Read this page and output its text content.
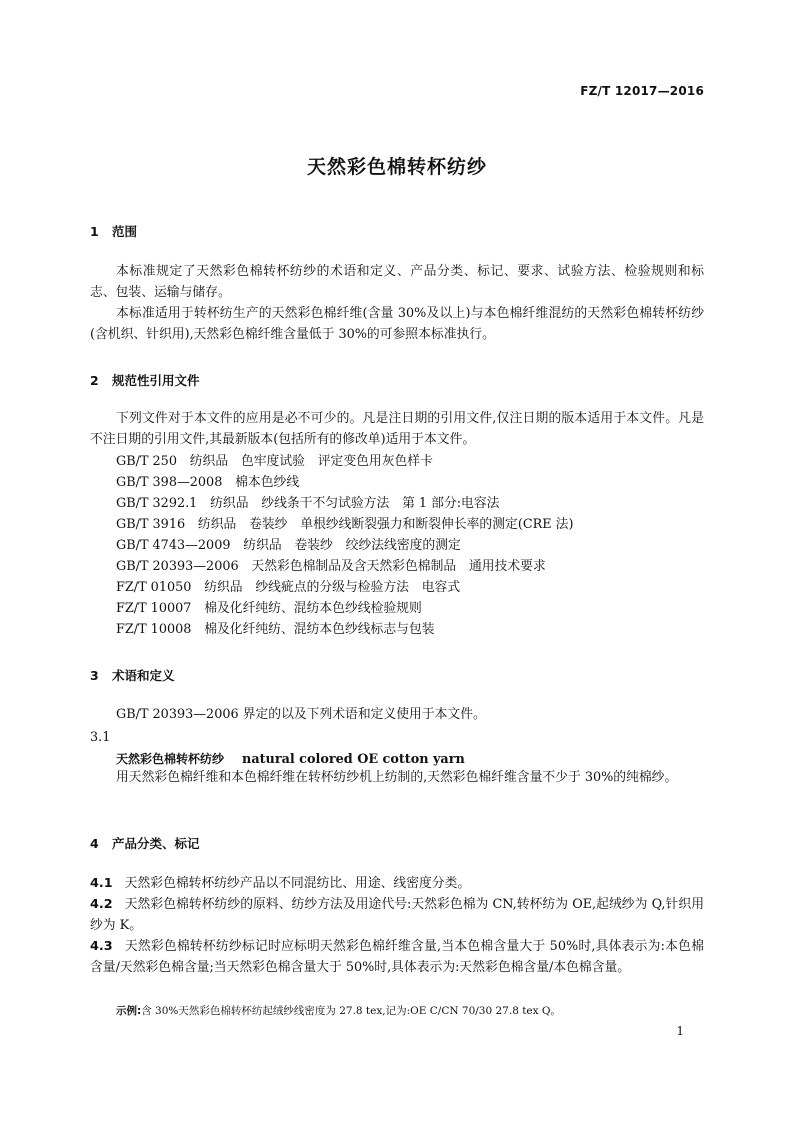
FZ/T 12017—2016
天然彩色棉转杯纺纱
1 范围
本标准规定了天然彩色棉转杯纺纱的术语和定义、产品分类、标记、要求、试验方法、检验规则和标志、包装、运输与储存。
本标准适用于转杯纺生产的天然彩色棉纤维(含量 30%及以上)与本色棉纤维混纺的天然彩色棉转杯纺纱(含机织、针织用),天然彩色棉纤维含量低于 30%的可参照本标准执行。
2 规范性引用文件
下列文件对于本文件的应用是必不可少的。凡是注日期的引用文件,仅注日期的版本适用于本文件。凡是不注日期的引用文件,其最新版本(包括所有的修改单)适用于本文件。
GB/T 250　纺织品　色牢度试验　评定变色用灰色样卡
GB/T 398—2008　棉本色纱线
GB/T 3292.1　纺织品　纱线条干不匀试验方法　第 1 部分:电容法
GB/T 3916　纺织品　卷装纱　单根纱线断裂强力和断裂伸长率的测定(CRE 法)
GB/T 4743—2009　纺织品　卷装纱　绞纱法线密度的测定
GB/T 20393—2006　天然彩色棉制品及含天然彩色棉制品　通用技术要求
FZ/T 01050　纺织品　纱线疵点的分级与检验方法　电容式
FZ/T 10007　棉及化纤纯纺、混纺本色纱线检验规则
FZ/T 10008　棉及化纤纯纺、混纺本色纱线标志与包装
3 术语和定义
GB/T 20393—2006 界定的以及下列术语和定义使用于本文件。
3.1
天然彩色棉转杯纺纱 natural colored OE cotton yarn
用天然彩色棉纤维和本色棉纤维在转杯纺纱机上纺制的,天然彩色棉纤维含量不少于 30%的纯棉纱。
4 产品分类、标记
4.1 天然彩色棉转杯纺纱产品以不同混纺比、用途、线密度分类。
4.2 天然彩色棉转杯纺纱的原料、纺纱方法及用途代号:天然彩色棉为 CN,转杯纺为 OE,起绒纱为 Q,针织用纱为 K。
4.3 天然彩色棉转杯纺纱标记时应标明天然彩色棉纤维含量,当本色棉含量大于 50%时,具体表示为:本色棉含量/天然彩色棉含量;当天然彩色棉含量大于 50%时,具体表示为:天然彩色棉含量/本色棉含量。
示例:含 30%天然彩色棉转杯纺起绒纱线密度为 27.8 tex,记为:OE C/CN 70/30 27.8 tex Q。
1
